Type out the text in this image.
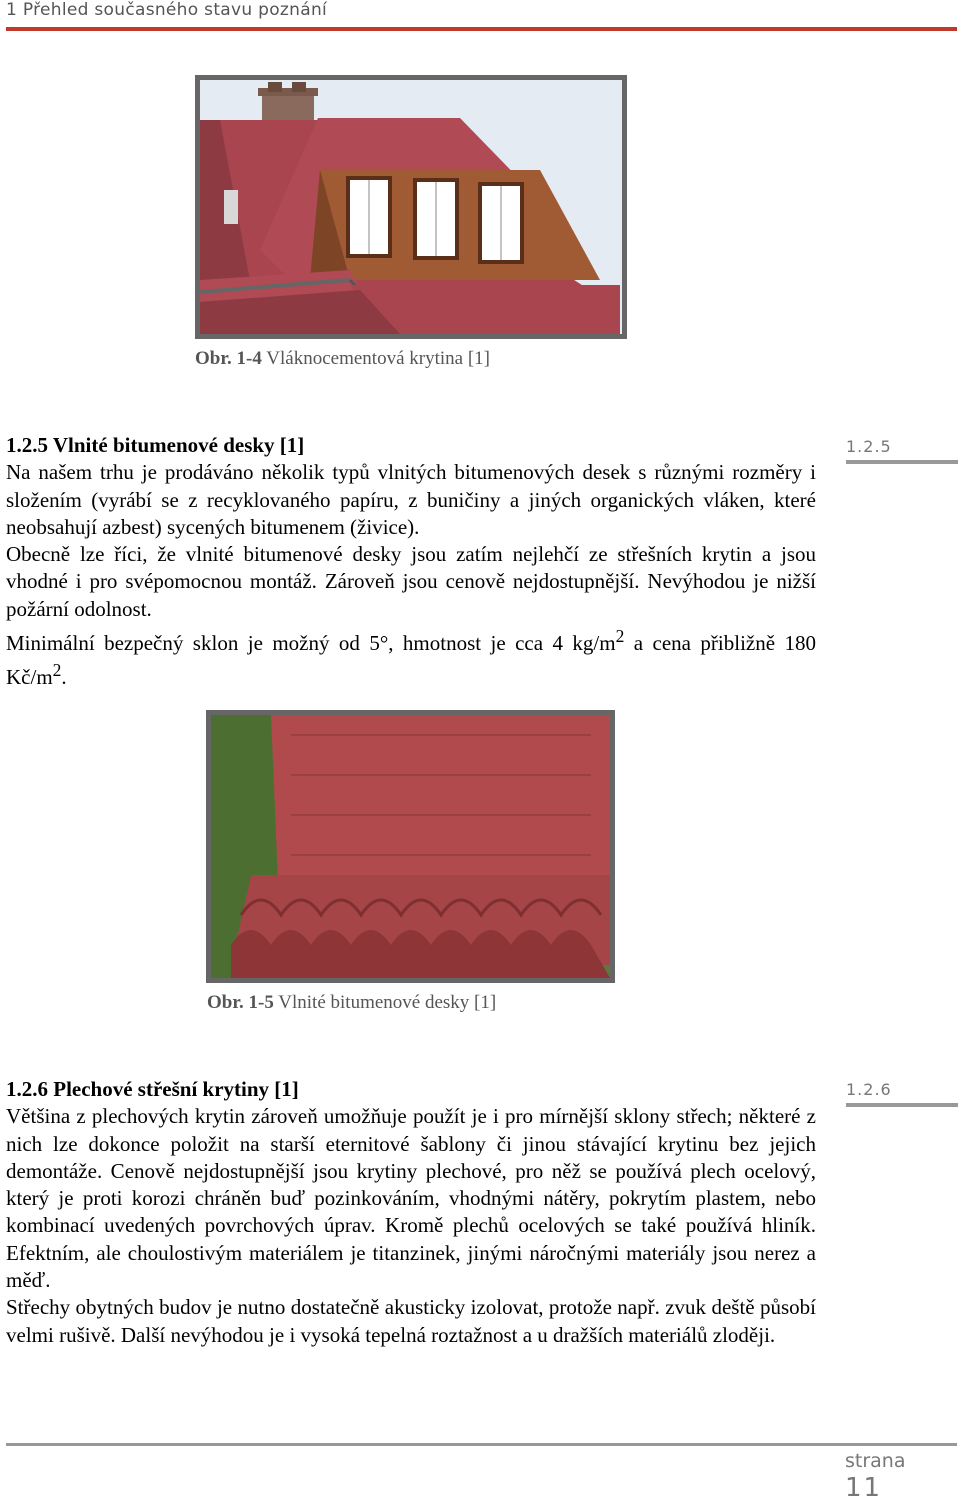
1 Přehled současného stavu poznání
Obr. 1-4 Vláknocementová krytina [1]
1.2.5 Vlnité bitumenové desky [1]

Na našem trhu je prodáváno několik typů vlnitých bitumenových desek s různými rozměry i složením (vyrábí se z recyklovaného papíru, z buničiny a jiných organických vláken, které neobsahují azbest) sycených bitumenem (živice).

Obecně lze říci, že vlnité bitumenové desky jsou zatím nejlehčí ze střešních krytin a jsou vhodné i pro svépomocnou montáž. Zároveň jsou cenově nejdostupnější. Nevýhodou je nižší požární odolnost.

Minimální bezpečný sklon je možný od 5°, hmotnost je cca 4 $kg/m^2$ a cena přibližně 180 $Kč/m^2$.

1.2.5
Obr. 1-5 Vlnité bitumenové desky [1]
1.2.6 Plechové střešní krytiny [1]

Většina z plechových krytin zároveň umožňuje použít je i pro mírnější sklony střech; některé z nich lze dokonce položit na starší eternitové šablony či jinou stávající krytinu bez jejich demontáže. Cenově nejdostupnější jsou krytiny plechové, pro něž se používá plech ocelový, který je proti korozi chráněn buď pozinkováním, vhodnými nátěry, pokrytím plastem, nebo kombinací uvedených povrchových úprav. Kromě plechů ocelových se také používá hliník. Efektním, ale choulostivým materiálem je titanzinek, jinými náročnými materiály jsou nerez a měď.

Střechy obytných budov je nutno dostatečně akusticky izolovat, protože např. zvuk deště působí velmi rušivě. Další nevýhodou je i vysoká tepelná roztažnost a u dražších materiálů zloději.

1.2.6
strana
11
